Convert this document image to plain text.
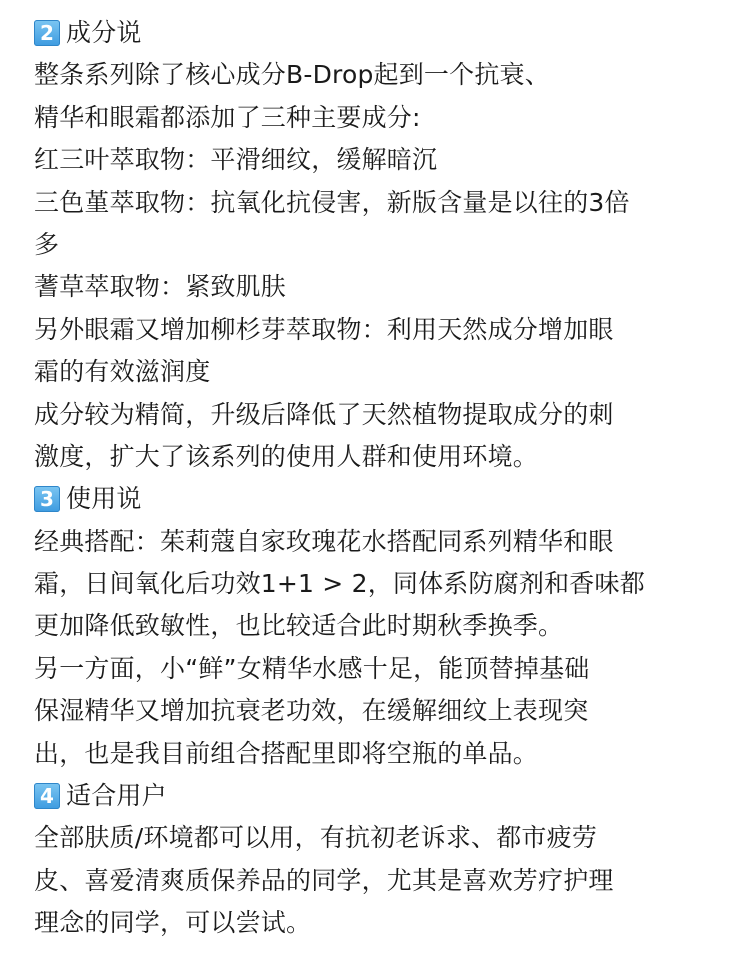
2 成分说
整条系列除了核心成分B-Drop起到一个抗衰、
精华和眼霜都添加了三种主要成分:
红三叶萃取物：平滑细纹，缓解暗沉
三色堇萃取物：抗氧化抗侵害，新版含量是以往的3倍
多
蓍草萃取物：紧致肌肤
另外眼霜又增加柳杉芽萃取物：利用天然成分增加眼
霜的有效滋润度
成分较为精简，升级后降低了天然植物提取成分的刺
激度，扩大了该系列的使用人群和使用环境。
3 使用说
经典搭配：茱莉蔻自家玫瑰花水搭配同系列精华和眼
霜，日间氧化后功效1+1 > 2，同体系防腐剂和香味都
更加降低致敏性，也比较适合此时期秋季换季。
另一方面，小“鲜”女精华水感十足，能顶替掉基础
保湿精华又增加抗衰老功效，在缓解细纹上表现突
出，也是我目前组合搭配里即将空瓶的单品。
4 适合用户
全部肤质/环境都可以用，有抗初老诉求、都市疲劳
皮、喜爱清爽质保养品的同学，尤其是喜欢芳疗护理
理念的同学，可以尝试。
